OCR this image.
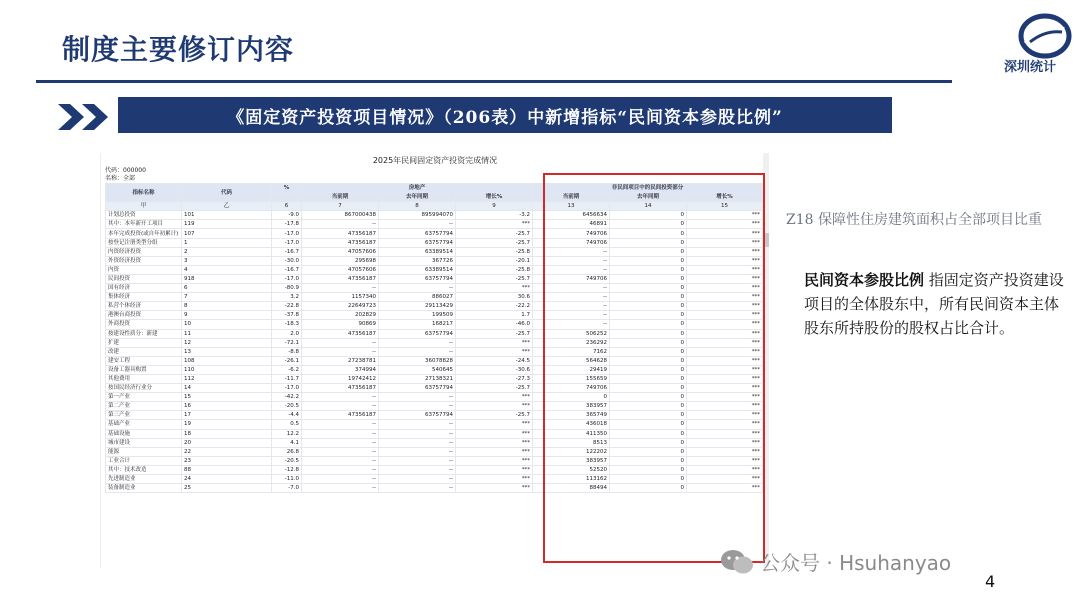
制度主要修订内容
深圳统计
《固定资产投资项目情况》（206表）中新增指标“民间资本参股比例”
2025年民间固定资产投资完成情况
代码：000000
名称：全部
指标名称	代码	%	房地产			非民间项目中的民间投资部分		
			当前期	去年同期	增长%	当前期	去年同期	增长%
甲	乙	6	7	8	9	13	14	15
计划总投资	101	-9.0	867000438	895994070	-3.2	6456634	0	***
其中：本年新开工项目	119	-17.8	--	--	***	46891	0	***
本年完成投资(或自年初累计)	107	-17.0	47356187	63757794	-25.7	749706	0	***
按登记注册类型分组	1	-17.0	47356187	63757794	-25.7	749706	0	***
内资经济投资	2	-16.7	47057606	63389514	-25.8	--	0	***
外资经济投资	3	-30.0	295698	367726	-20.1	--	0	***
内资	4	-16.7	47057606	63389514	-25.8	--	0	***
民间投资	918	-17.0	47356187	63757794	-25.7	749706	0	***
国有经济	6	-80.9	--	--	***	--	0	***
集体经济	7	3.2	1157340	886027	30.6	--	0	***
私营个体经济	8	-22.8	22649723	29113429	-22.2	--	0	***
港澳台商投资	9	-37.8	202829	199509	1.7	--	0	***
外商投资	10	-18.3	90869	168217	-46.0	--	0	***
按建设性质分：新建	11	2.0	47356187	63757794	-25.7	506252	0	***
扩建	12	-72.1	--	--	***	236292	0	***
改建	13	-8.8	--	--	***	7162	0	***
建安工程	108	-26.1	27238781	36078828	-24.5	564628	0	***
设备工器具购置	110	-6.2	374994	540645	-30.6	29419	0	***
其他费用	112	-11.7	19742412	27138321	-27.3	155659	0	***
按国民经济行业分	14	-17.0	47356187	63757794	-25.7	749706	0	***
第一产业	15	-42.2	--	--	***	0	0	***
第二产业	16	-20.5	--	--	***	383957	0	***
第三产业	17	-4.4	47356187	63757794	-25.7	365749	0	***
基础产业	19	0.5	--	--	***	436018	0	***
基础设施	18	12.2	--	--	***	411350	0	***
城市建设	20	4.1	--	--	***	8513	0	***
能源	22	26.8	--	--	***	122202	0	***
工业合计	23	-20.5	--	--	***	383957	0	***
其中：技术改造	88	-12.8	--	--	***	52520	0	***
先进制造业	24	-11.0	--	--	***	113162	0	***
装备制造业	25	-7.0	--	--	***	88494	0	***
Z18 保障性住房建筑面积占全部项目比重
民间资本参股比例 指固定资产投资建设项目的全体股东中，所有民间资本主体股东所持股份的股权占比合计。
公众号 · Hsuhanyao
4
